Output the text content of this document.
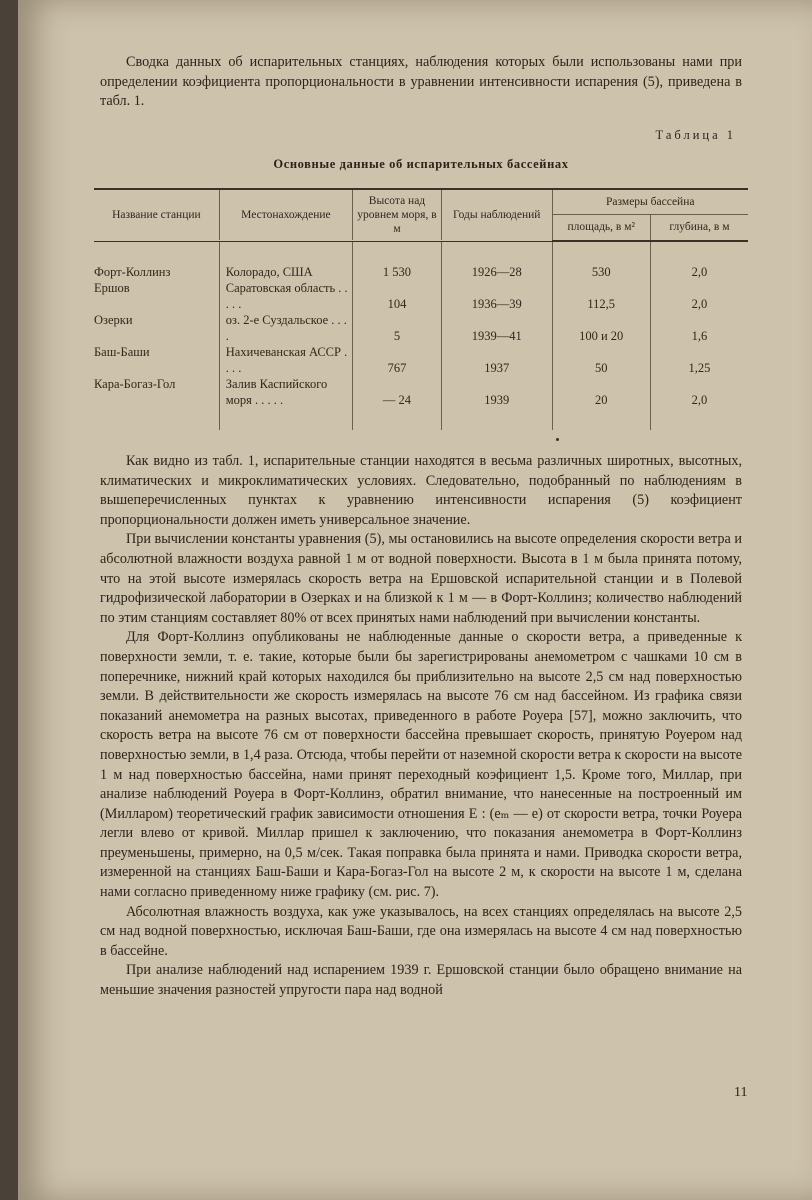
Сводка данных об испарительных станциях, наблюдения которых были использованы нами при определении коэфициента пропорциональности в уравнении интенсивности испарения (5), приведена в табл. 1.

Таблица 1
Основные данные об испарительных бассейнах
Название станции	Местонахождение	Высота над уровнем моря, в м	Годы наблюдений	Размеры бассейна	
				площадь, в м²	глубина, в м

Форт-Коллинз	Колорадо, США	1 530	1926—28	530	2,0
Ершов	Саратовская область . . . . .	104	1936—39	112,5	2,0
Озерки	оз. 2-е Суздальское . . . .	5	1939—41	100 и 20	1,6
Баш-Баши	Нахичеванская АССР . . . .	767	1937	50	1,25
Кара-Богаз-Гол	Залив Каспийского моря . . . . .	— 24	1939	20	2,0

Как видно из табл. 1, испарительные станции находятся в весьма различных широтных, высотных, климатических и микроклиматических условиях. Следовательно, подобранный по наблюдениям в вышеперечисленных пунктах к уравнению интенсивности испарения (5) коэфициент пропорциональности должен иметь универсальное значение.

При вычислении константы уравнения (5), мы остановились на высоте определения скорости ветра и абсолютной влажности воздуха равной 1 м от водной поверхности. Высота в 1 м была принята потому, что на этой высоте измерялась скорость ветра на Ершовской испарительной станции и в Полевой гидрофизической лаборатории в Озерках и на близкой к 1 м — в Форт-Коллинз; количество наблюдений по этим станциям составляет 80% от всех принятых нами наблюдений при вычислении константы.

Для Форт-Коллинз опубликованы не наблюденные данные о скорости ветра, а приведенные к поверхности земли, т. е. такие, которые были бы зарегистрированы анемометром с чашками 10 см в поперечнике, нижний край которых находился бы приблизительно на высоте 2,5 см над поверхностью земли. В действительности же скорость измерялась на высоте 76 см над бассейном. Из графика связи показаний анемометра на разных высотах, приведенного в работе Роуера [57], можно заключить, что скорость ветра на высоте 76 см от поверхности бассейна превышает скорость, принятую Роуером над поверхностью земли, в 1,4 раза. Отсюда, чтобы перейти от наземной скорости ветра к скорости на высоте 1 м над поверхностью бассейна, нами принят переходный коэфициент 1,5. Кроме того, Миллар, при анализе наблюдений Роуера в Форт-Коллинз, обратил внимание, что нанесенные на построенный им (Милларом) теоретический график зависимости отношения E : (eₘ — e) от скорости ветра, точки Роуера легли влево от кривой. Миллар пришел к заключению, что показания анемометра в Форт-Коллинз преуменьшены, примерно, на 0,5 м/сек. Такая поправка была принята и нами. Приводка скорости ветра, измеренной на станциях Баш-Баши и Кара-Богаз-Гол на высоте 2 м, к скорости на высоте 1 м, сделана нами согласно приведенному ниже графику (см. рис. 7).

Абсолютная влажность воздуха, как уже указывалось, на всех станциях определялась на высоте 2,5 см над водной поверхностью, исключая Баш-Баши, где она измерялась на высоте 4 см над поверхностью в бассейне.

При анализе наблюдений над испарением 1939 г. Ершовской станции было обращено внимание на меньшие значения разностей упругости пара над водной

11
